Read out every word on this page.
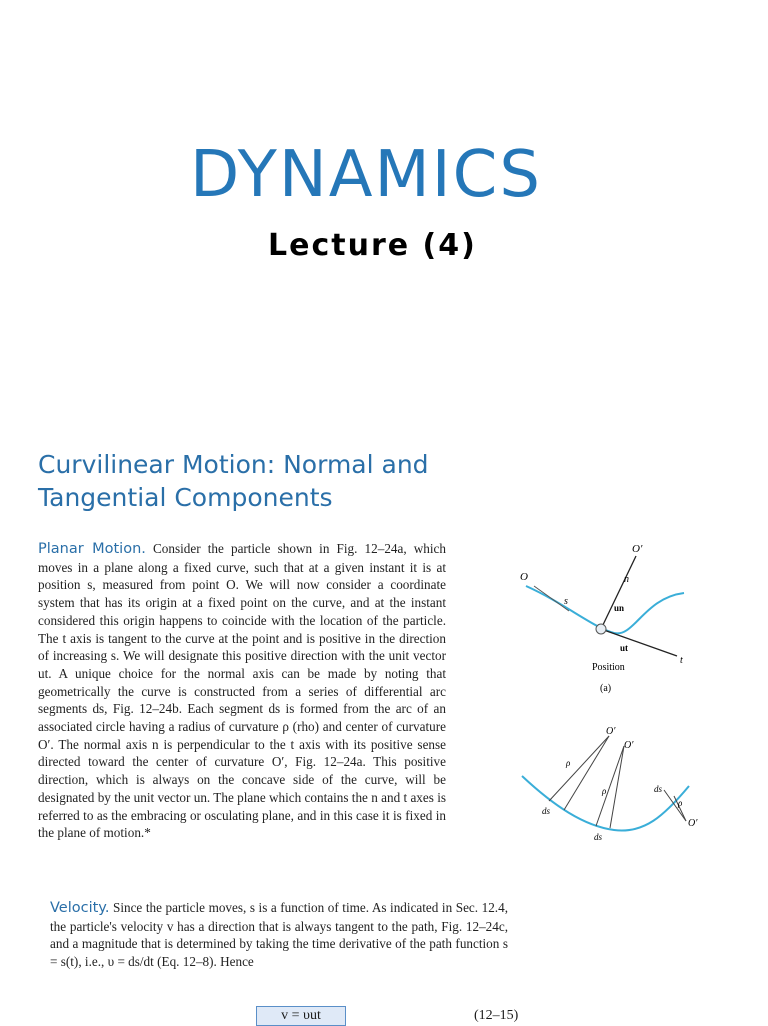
DYNAMICS
Lecture (4)
Curvilinear Motion: Normal and
Tangential Components
Planar Motion. Consider the particle shown in Fig. 12–24a, which moves in a plane along a fixed curve, such that at a given instant it is at position s, measured from point O. We will now consider a coordinate system that has its origin at a fixed point on the curve, and at the instant considered this origin happens to coincide with the location of the particle. The t axis is tangent to the curve at the point and is positive in the direction of increasing s. We will designate this positive direction with the unit vector ut. A unique choice for the normal axis can be made by noting that geometrically the curve is constructed from a series of differential arc segments ds, Fig. 12–24b. Each segment ds is formed from the arc of an associated circle having a radius of curvature ρ (rho) and center of curvature O′. The normal axis n is perpendicular to the t axis with its positive sense directed toward the center of curvature O′, Fig. 12–24a. This positive direction, which is always on the concave side of the curve, will be designated by the unit vector un. The plane which contains the n and t axes is referred to as the embracing or osculating plane, and in this case it is fixed in the plane of motion.*
Velocity. Since the particle moves, s is a function of time. As indicated in Sec. 12.4, the particle's velocity v has a direction that is always tangent to the path, Fig. 12–24c, and a magnitude that is determined by taking the time derivative of the path function s = s(t), i.e., υ = ds/dt (Eq. 12–8). Hence
v = υut	(12–15)
O′
O	n
s
un
ut
t
Position
(a)
O′
O′
O′
ρ
ρ
ρ
ds
ds
ds
